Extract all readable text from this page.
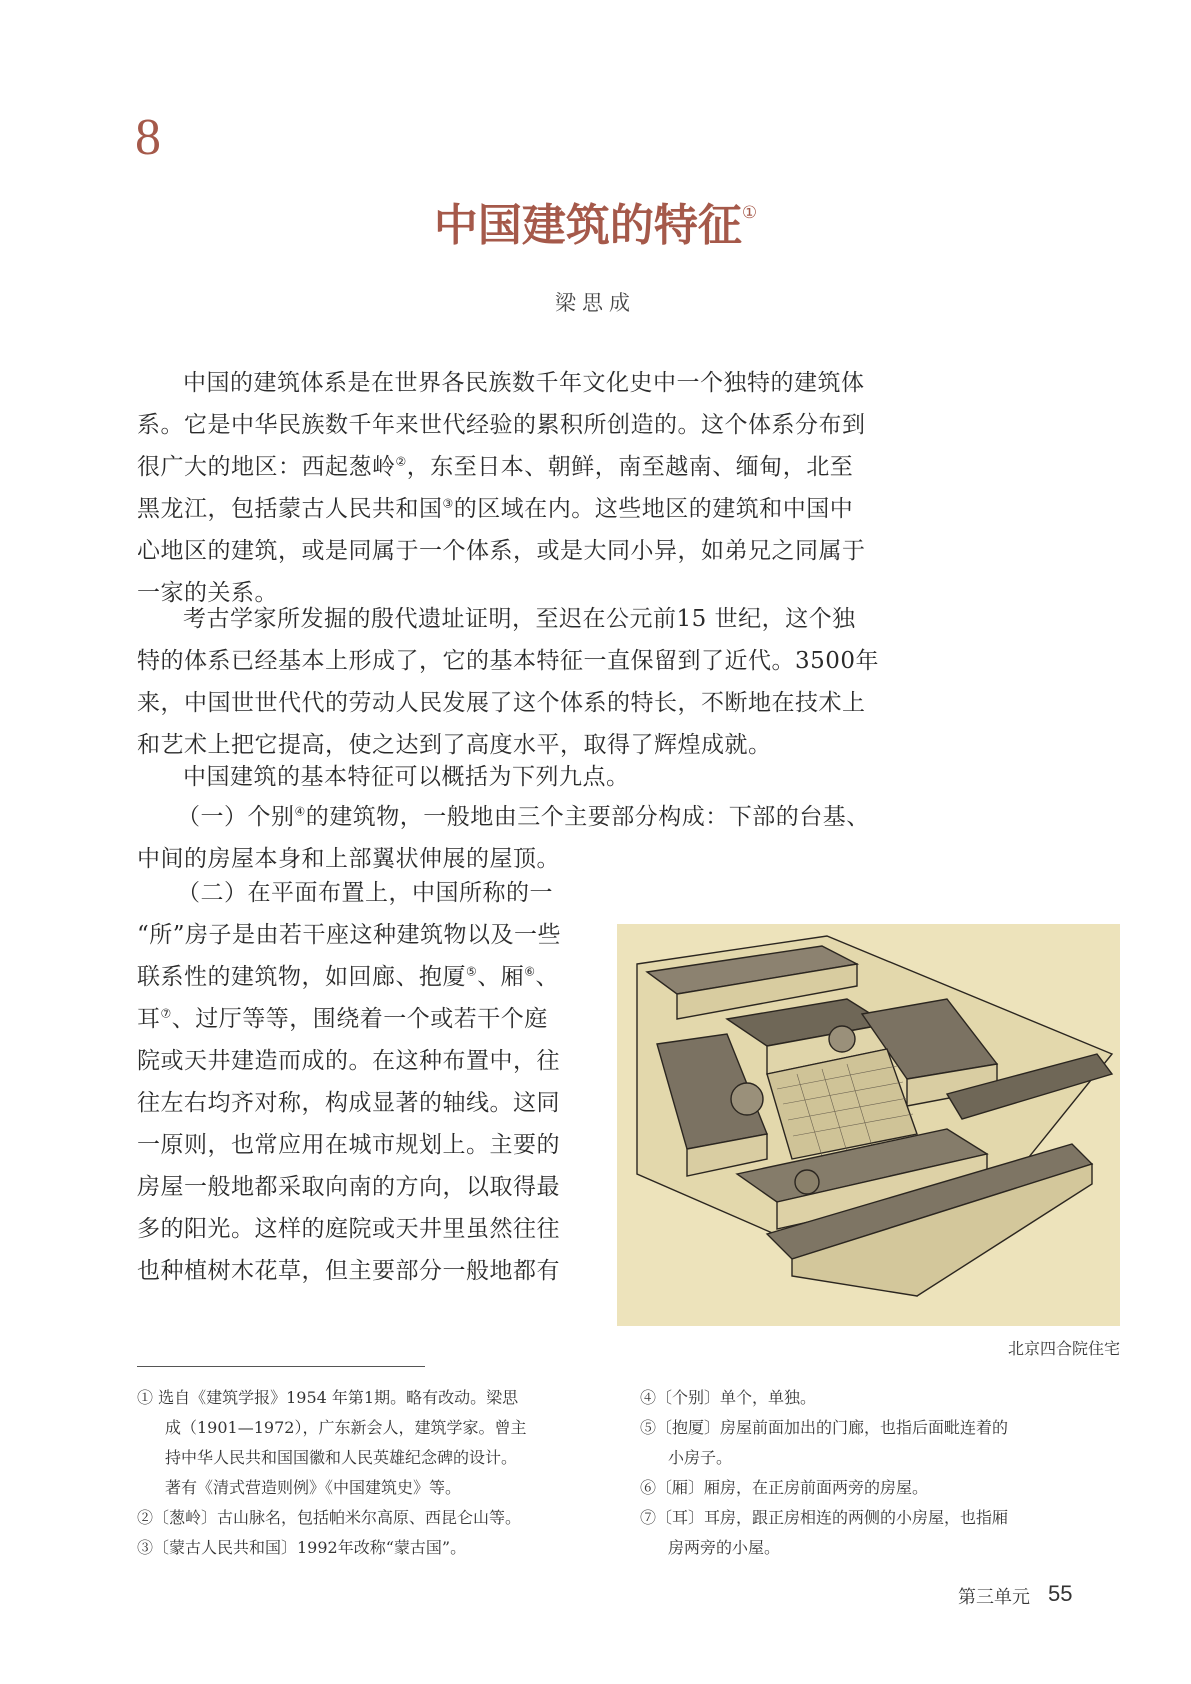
8
中国建筑的特征①
梁思成
中国的建筑体系是在世界各民族数千年文化史中一个独特的建筑体
系。它是中华民族数千年来世代经验的累积所创造的。这个体系分布到
很广大的地区：西起葱岭②，东至日本、朝鲜，南至越南、缅甸，北至
黑龙江，包括蒙古人民共和国③的区域在内。这些地区的建筑和中国中
心地区的建筑，或是同属于一个体系，或是大同小异，如弟兄之同属于
一家的关系。
考古学家所发掘的殷代遗址证明，至迟在公元前15 世纪，这个独
特的体系已经基本上形成了，它的基本特征一直保留到了近代。3500年
来，中国世世代代的劳动人民发展了这个体系的特长，不断地在技术上
和艺术上把它提高，使之达到了高度水平，取得了辉煌成就。
中国建筑的基本特征可以概括为下列九点。
（一）个别④的建筑物，一般地由三个主要部分构成：下部的台基、
中间的房屋本身和上部翼状伸展的屋顶。
（二）在平面布置上，中国所称的一
“所”房子是由若干座这种建筑物以及一些
联系性的建筑物，如回廊、抱厦⑤、厢⑥、
耳⑦、过厅等等，围绕着一个或若干个庭
院或天井建造而成的。在这种布置中，往
往左右均齐对称，构成显著的轴线。这同
一原则，也常应用在城市规划上。主要的
房屋一般地都采取向南的方向，以取得最
多的阳光。这样的庭院或天井里虽然往往
也种植树木花草，但主要部分一般地都有
北京四合院住宅
① 选自《建筑学报》1954 年第1期。略有改动。梁思
成（1901—1972），广东新会人，建筑学家。曾主
持中华人民共和国国徽和人民英雄纪念碑的设计。
著有《清式营造则例》《中国建筑史》等。
②〔葱岭〕古山脉名，包括帕米尔高原、西昆仑山等。
③〔蒙古人民共和国〕1992年改称“蒙古国”。
④〔个别〕单个，单独。
⑤〔抱厦〕房屋前面加出的门廊，也指后面毗连着的
小房子。
⑥〔厢〕厢房，在正房前面两旁的房屋。
⑦〔耳〕耳房，跟正房相连的两侧的小房屋，也指厢
房两旁的小屋。
第三单元 55
